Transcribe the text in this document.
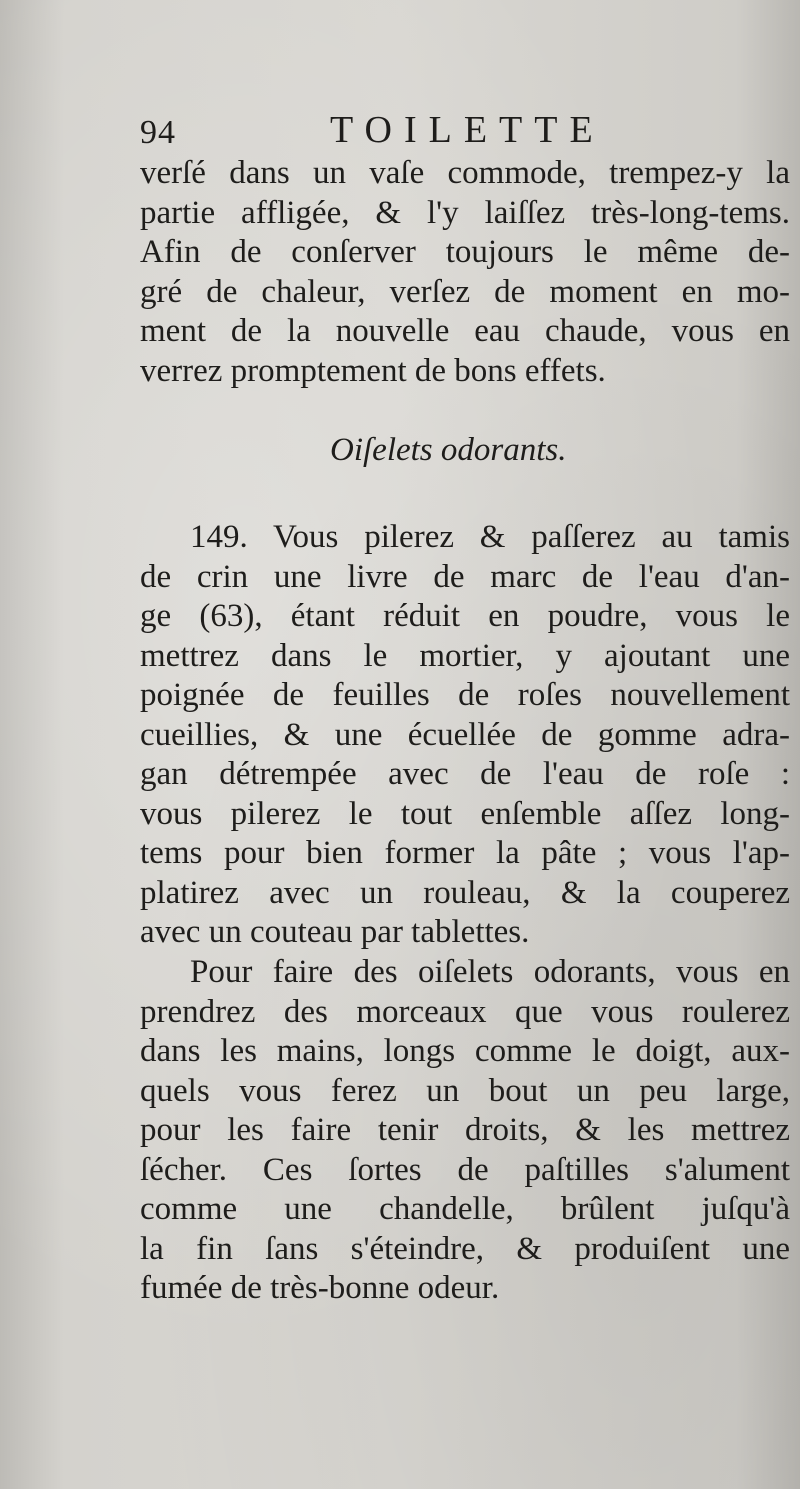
94	TOILETTE
verſé dans un vaſe commode, trempez-y la
partie affligée, & l'y laiſſez très-long-tems.
Afin de conſerver toujours le même de-
gré de chaleur, verſez de moment en mo-
ment de la nouvelle eau chaude, vous en
verrez promptement de bons effets.
Oiſelets odorants.
149. Vous pilerez & paſſerez au tamis
de crin une livre de marc de l'eau d'an-
ge (63), étant réduit en poudre, vous le
mettrez dans le mortier, y ajoutant une
poignée de feuilles de roſes nouvellement
cueillies, & une écuellée de gomme adra-
gan détrempée avec de l'eau de roſe :
vous pilerez le tout enſemble aſſez long-
tems pour bien former la pâte ; vous l'ap-
platirez avec un rouleau, & la couperez
avec un couteau par tablettes.
Pour faire des oiſelets odorants, vous en
prendrez des morceaux que vous roulerez
dans les mains, longs comme le doigt, aux-
quels vous ferez un bout un peu large,
pour les faire tenir droits, & les mettrez
ſécher. Ces ſortes de paſtilles s'alument
comme une chandelle, brûlent juſqu'à
la fin ſans s'éteindre, & produiſent une
fumée de très-bonne odeur.
